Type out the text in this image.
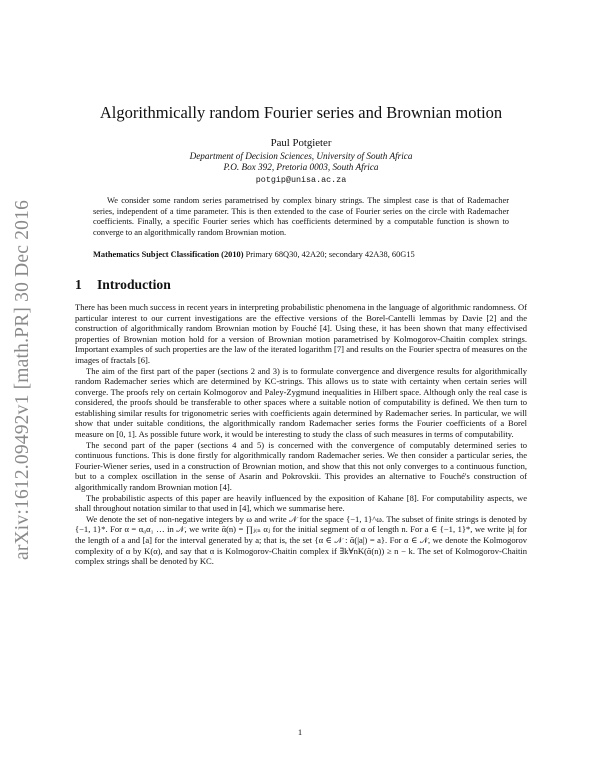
arXiv:1612.09492v1 [math.PR] 30 Dec 2016
Algorithmically random Fourier series and Brownian motion

Paul Potgieter

Department of Decision Sciences, University of South Africa

P.O. Box 392, Pretoria 0003, South Africa

potgip@unisa.ac.za

We consider some random series parametrised by complex binary strings. The simplest case is that of Rademacher series, independent of a time parameter. This is then extended to the case of Fourier series on the circle with Rademacher coefficients. Finally, a specific Fourier series which has coefficients determined by a computable function is shown to converge to an algorithmically random Brownian motion.

Mathematics Subject Classification (2010) Primary 68Q30, 42A20; secondary 42A38, 60G15

1 Introduction

There has been much success in recent years in interpreting probabilistic phenomena in the language of algorithmic randomness. Of particular interest to our current investigations are the effective versions of the Borel-Cantelli lemmas by Davie [2] and the construction of algorithmically random Brownian motion by Fouché [4]. Using these, it has been shown that many effectivised properties of Brownian motion hold for a version of Brownian motion parametrised by Kolmogorov-Chaitin complex strings. Important examples of such properties are the law of the iterated logarithm [7] and results on the Fourier spectra of measures on the images of fractals [6].

The aim of the first part of the paper (sections 2 and 3) is to formulate convergence and divergence results for algorithmically random Rademacher series which are determined by KC-strings. This allows us to state with certainty when certain series will converge. The proofs rely on certain Kolmogorov and Paley-Zygmund inequalities in Hilbert space. Although only the real case is considered, the proofs should be transferable to other spaces where a suitable notion of computability is defined. We then turn to establishing similar results for trigonometric series with coefficients again determined by Rademacher series. In particular, we will show that under suitable conditions, the algorithmically random Rademacher series forms the Fourier coefficients of a Borel measure on [0, 1]. As possible future work, it would be interesting to study the class of such measures in terms of computability.

The second part of the paper (sections 4 and 5) is concerned with the convergence of computably determined series to continuous functions. This is done firstly for algorithmically random Rademacher series. We then consider a particular series, the Fourier-Wiener series, used in a construction of Brownian motion, and show that this not only converges to a continuous function, but to a complex oscillation in the sense of Asarin and Pokrovskii. This provides an alternative to Fouché's construction of algorithmically random Brownian motion [4].

The probabilistic aspects of this paper are heavily influenced by the exposition of Kahane [8]. For computability aspects, we shall throughout notation similar to that used in [4], which we summarise here.

We denote the set of non-negative integers by ω and write 𝒩 for the space {−1, 1}^ω. The subset of finite strings is denoted by {−1, 1}*. For α = α₀α₁ … in 𝒩, we write ᾱ(n) = ∏ⱼ₍ₙ αⱼ for the initial segment of α of length n. For a ∈ {−1, 1}*, we write |a| for the length of a and [a] for the interval generated by a; that is, the set {α ∈ 𝒩 : ᾱ(|a|) = a}. For α ∈ 𝒩, we denote the Kolmogorov complexity of α by K(α), and say that α is Kolmogorov-Chaitin complex if ∃k∀nK(ᾱ(n)) ≥ n − k. The set of Kolmogorov-Chaitin complex strings shall be denoted by KC.

1
